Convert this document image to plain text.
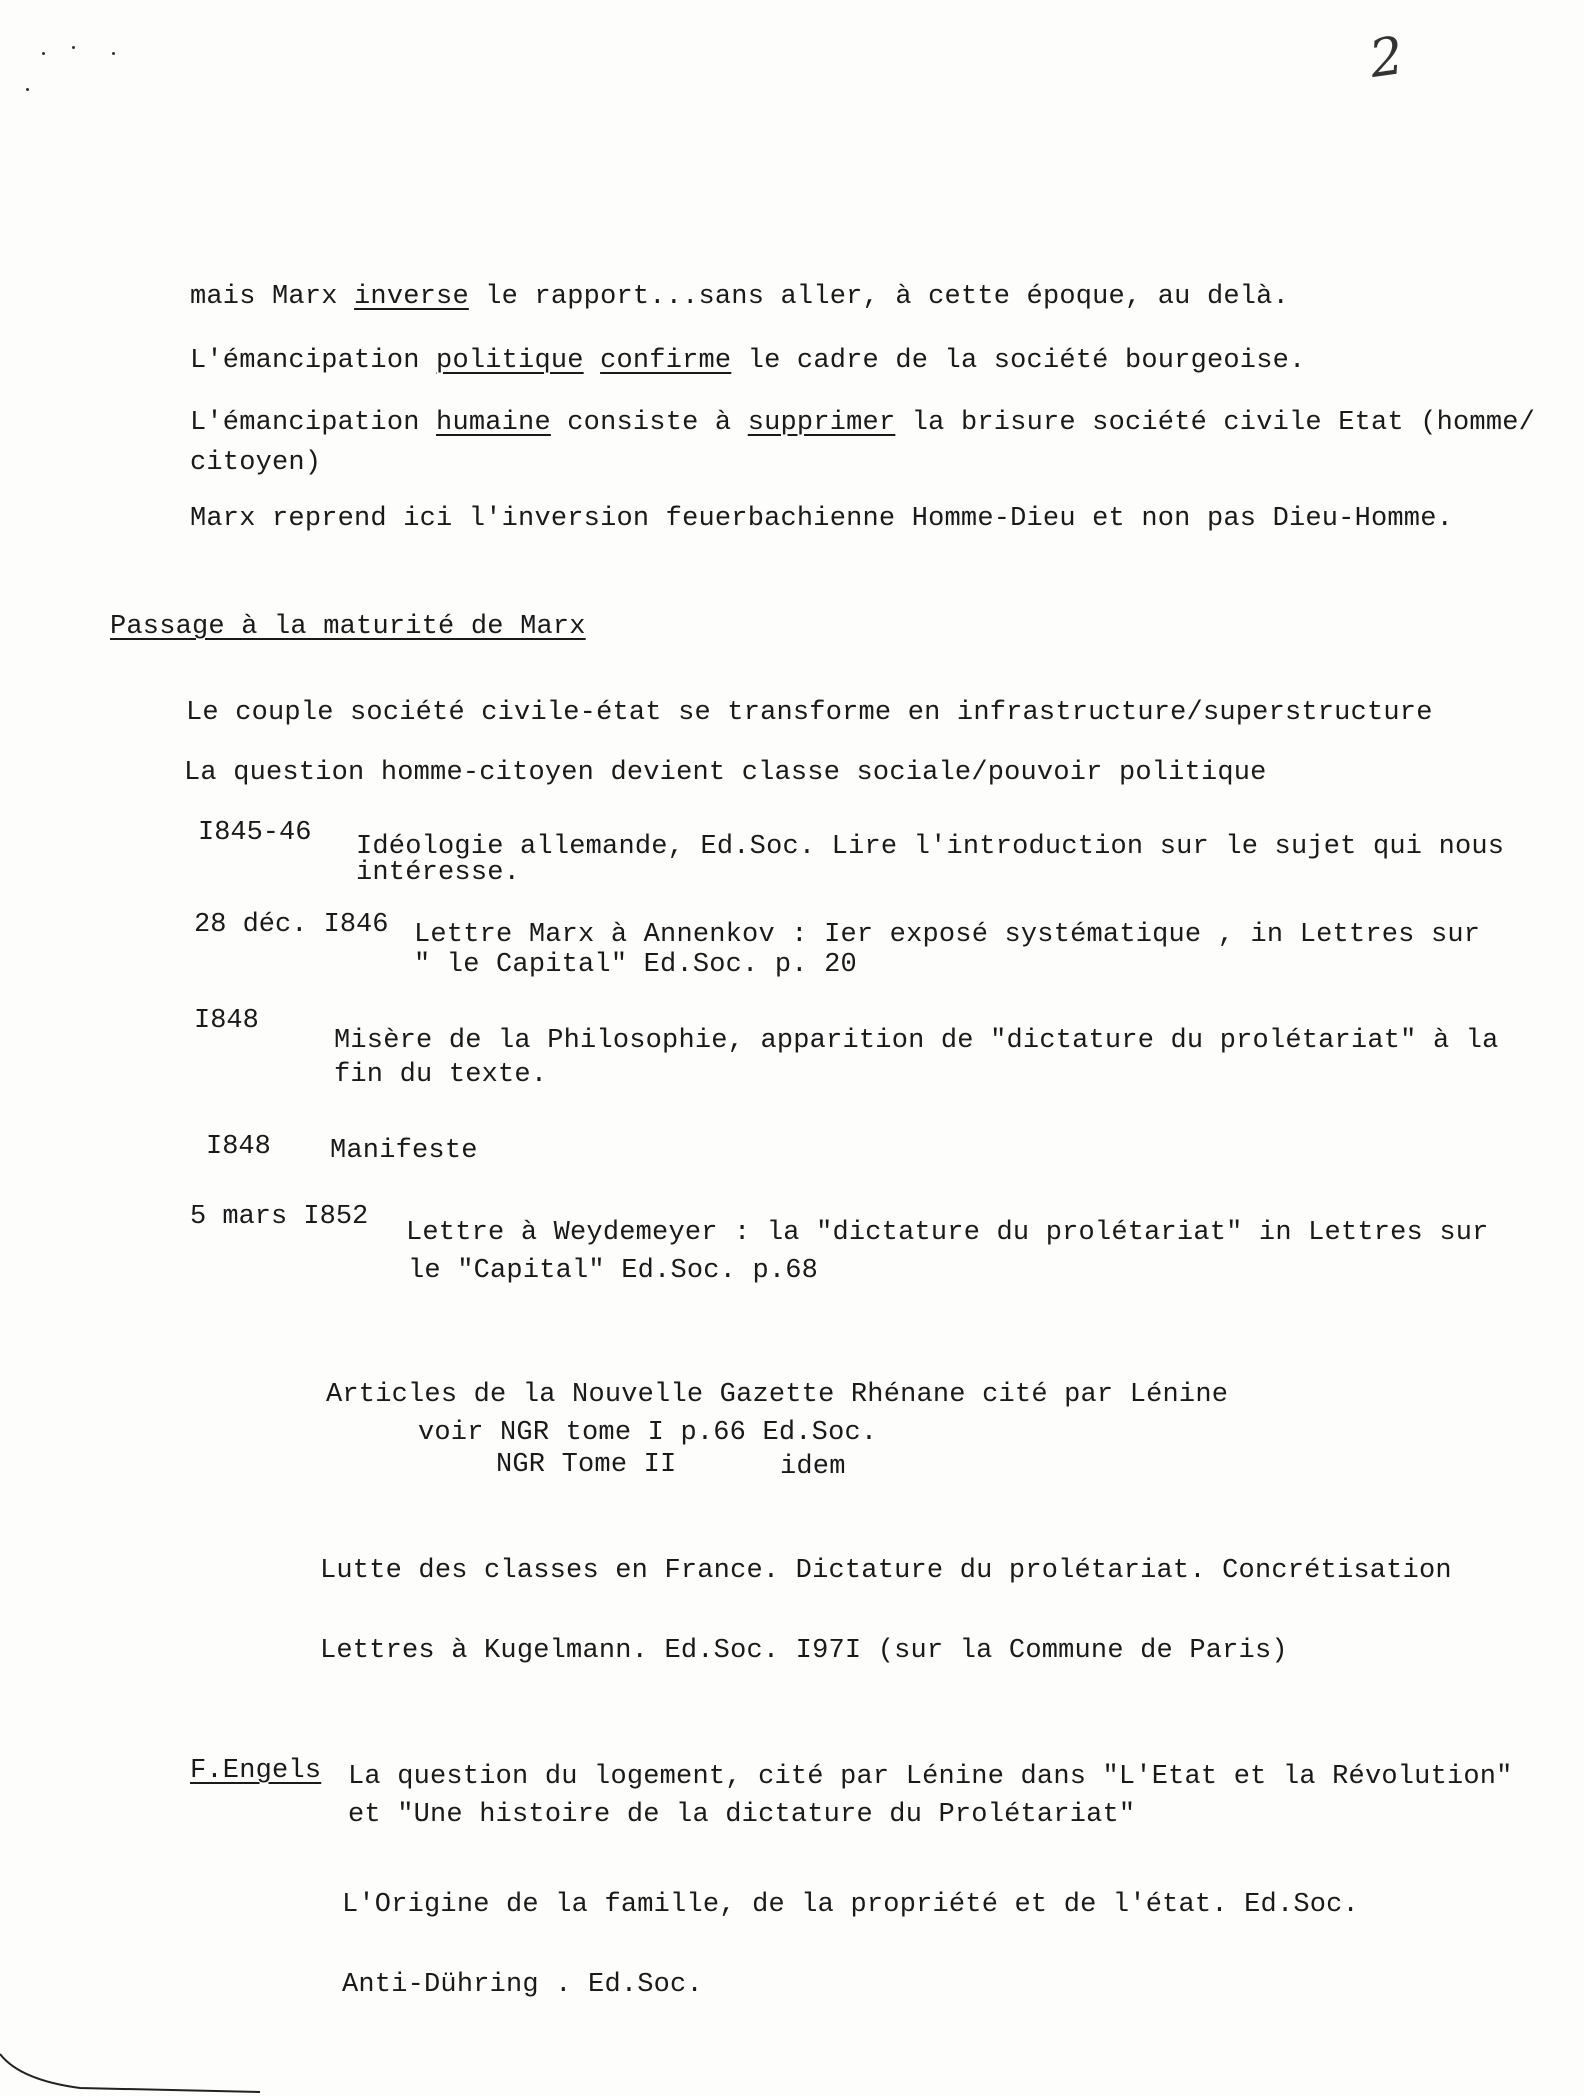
2
mais Marx inverse le rapport...sans aller, à cette époque, au delà.
L'émancipation politique confirme le cadre de la société bourgeoise.
L'émancipation humaine consiste à supprimer la brisure société civile Etat (homme/
citoyen)
Marx reprend ici l'inversion feuerbachienne Homme-Dieu et non pas Dieu-Homme.
Passage à la maturité de Marx
Le couple société civile-état se transforme en infrastructure/superstructure
La question homme-citoyen devient classe sociale/pouvoir politique
I845-46 Idéologie allemande, Ed.Soc. Lire l'introduction sur le sujet qui nous
intéresse.
28 déc. I846 Lettre Marx à Annenkov : Ier exposé systématique , in Lettres sur
" le Capital" Ed.Soc. p. 20
I848
Misère de la Philosophie, apparition de "dictature du prolétariat" à la
fin du texte.
I848 Manifeste
5 mars I852
Lettre à Weydemeyer : la "dictature du prolétariat" in Lettres sur
le "Capital" Ed.Soc. p.68
Articles de la Nouvelle Gazette Rhénane cité par Lénine
voir NGR tome I p.66 Ed.Soc.
NGR Tome II	idem
Lutte des classes en France. Dictature du prolétariat. Concrétisation
Lettres à Kugelmann. Ed.Soc. I97I (sur la Commune de Paris)
F.Engels La question du logement, cité par Lénine dans "L'Etat et la Révolution"
et "Une histoire de la dictature du Prolétariat"
L'Origine de la famille, de la propriété et de l'état. Ed.Soc.
Anti-Dühring . Ed.Soc.
